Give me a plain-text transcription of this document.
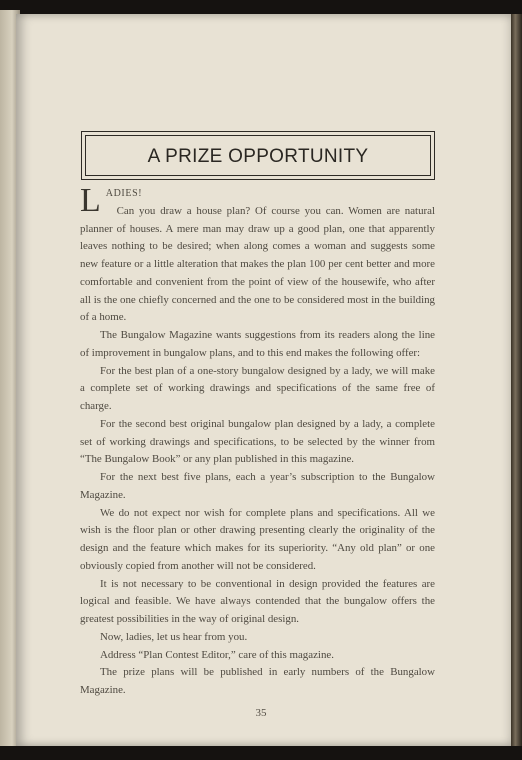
A PRIZE OPPORTUNITY

LADIES!
 Can you draw a house plan? Of course you can. Women are natural planner of houses. A mere man may draw up a good plan, one that apparently leaves nothing to be desired; when along comes a woman and suggests some new feature or a little alteration that makes the plan 100 per cent better and more comfortable and convenient from the point of view of the housewife, who after all is the one chiefly concerned and the one to be considered most in the building of a home.

The Bungalow Magazine wants suggestions from its readers along the line of improvement in bungalow plans, and to this end makes the following offer:

For the best plan of a one-story bungalow designed by a lady, we will make a complete set of working drawings and specifications of the same free of charge.

For the second best original bungalow plan designed by a lady, a complete set of working drawings and specifications, to be selected by the winner from “The Bungalow Book” or any plan published in this magazine.

For the next best five plans, each a year’s subscription to the Bungalow Magazine.

We do not expect nor wish for complete plans and specifications. All we wish is the floor plan or other drawing presenting clearly the originality of the design and the feature which makes for its superiority. “Any old plan” or one obviously copied from another will not be considered.

It is not necessary to be conventional in design provided the features are logical and feasible. We have always contended that the bungalow offers the greatest possibilities in the way of original design.

Now, ladies, let us hear from you.

Address “Plan Contest Editor,” care of this magazine.

The prize plans will be published in early numbers of the Bungalow Magazine.

35
